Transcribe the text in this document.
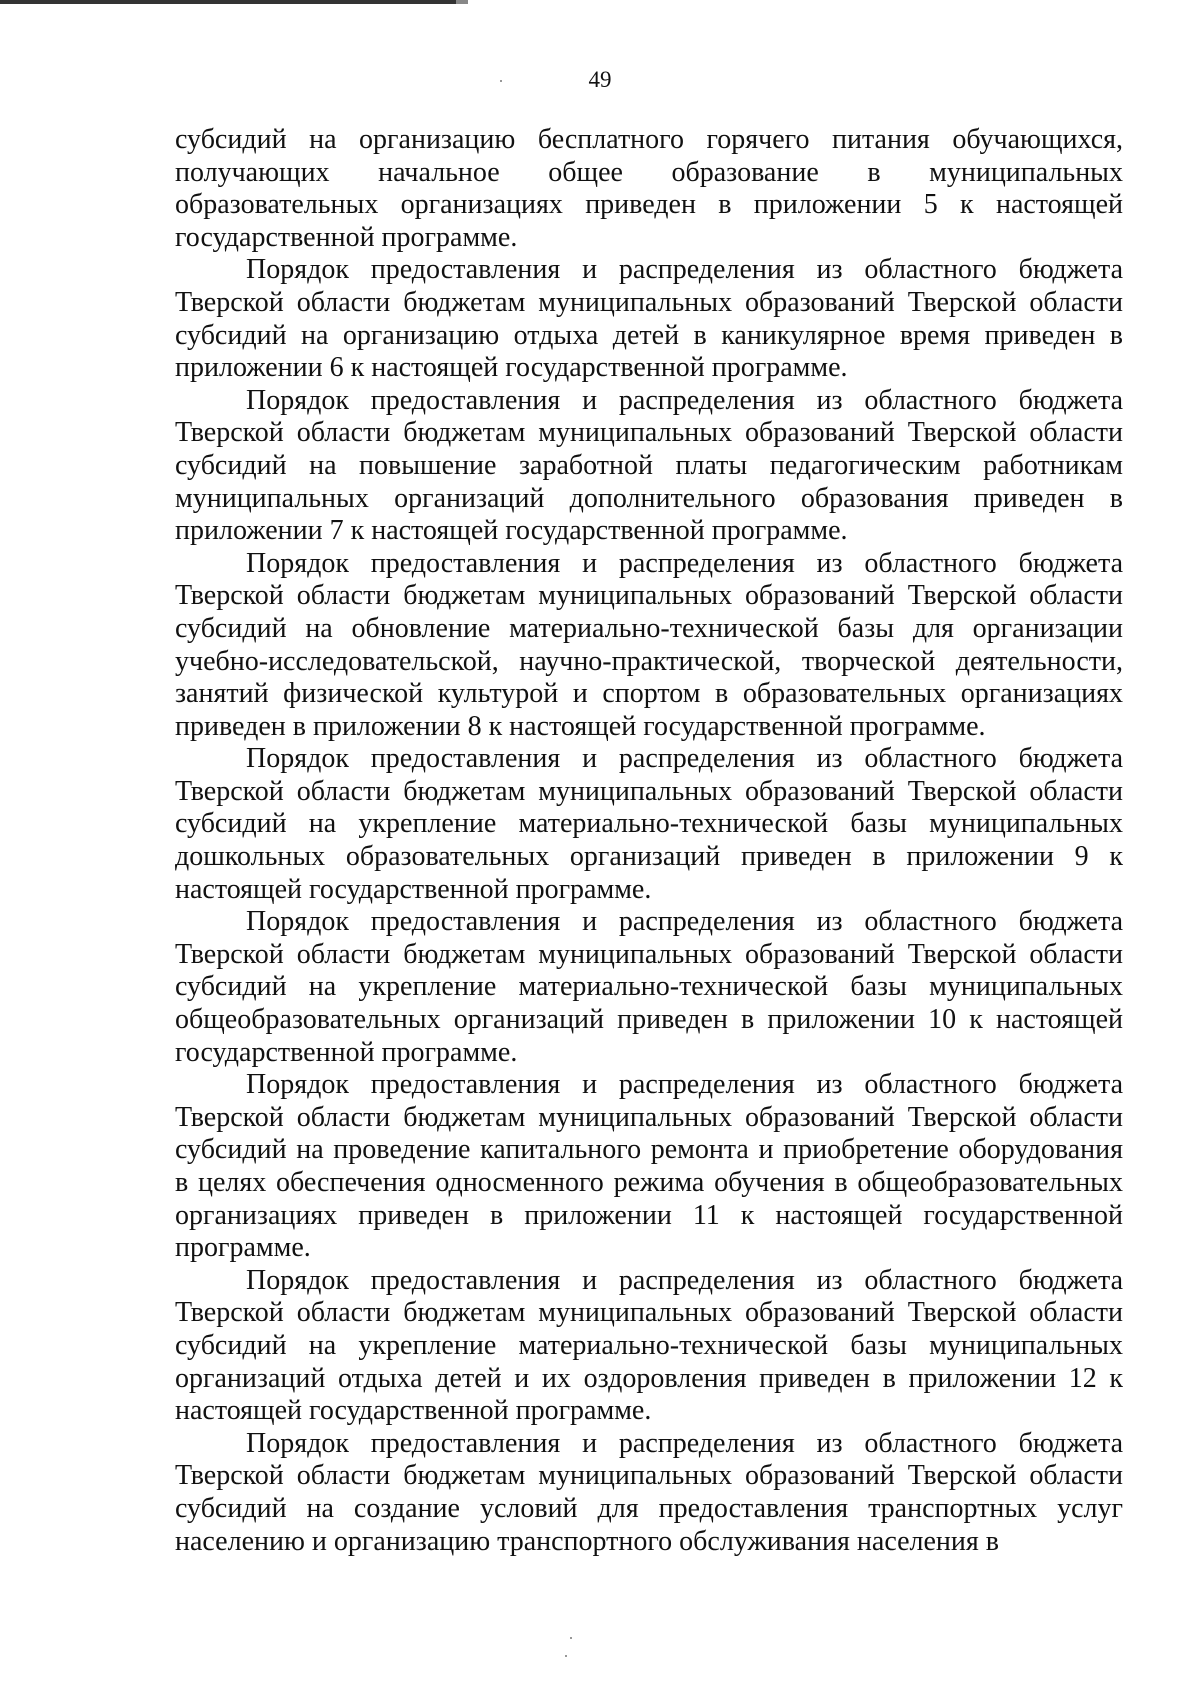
49

субсидий на организацию бесплатного горячего питания обучающихся, получающих начальное общее образование в муниципальных образовательных организациях приведен в приложении 5 к настоящей государственной программе.

Порядок предоставления и распределения из областного бюджета Тверской области бюджетам муниципальных образований Тверской области субсидий на организацию отдыха детей в каникулярное время приведен в приложении 6 к настоящей государственной программе.

Порядок предоставления и распределения из областного бюджета Тверской области бюджетам муниципальных образований Тверской области субсидий на повышение заработной платы педагогическим работникам муниципальных организаций дополнительного образования приведен в приложении 7 к настоящей государственной программе.

Порядок предоставления и распределения из областного бюджета Тверской области бюджетам муниципальных образований Тверской области субсидий на обновление материально-технической базы для организации учебно-исследовательской, научно-практической, творческой деятельности, занятий физической культурой и спортом в образовательных организациях приведен в приложении 8 к настоящей государственной программе.

Порядок предоставления и распределения из областного бюджета Тверской области бюджетам муниципальных образований Тверской области субсидий на укрепление материально-технической базы муниципальных дошкольных образовательных организаций приведен в приложении 9 к настоящей государственной программе.

Порядок предоставления и распределения из областного бюджета Тверской области бюджетам муниципальных образований Тверской области субсидий на укрепление материально-технической базы муниципальных общеобразовательных организаций приведен в приложении 10 к настоящей государственной программе.

Порядок предоставления и распределения из областного бюджета Тверской области бюджетам муниципальных образований Тверской области субсидий на проведение капитального ремонта и приобретение оборудования в целях обеспечения односменного режима обучения в общеобразовательных организациях приведен в приложении 11 к настоящей государственной программе.

Порядок предоставления и распределения из областного бюджета Тверской области бюджетам муниципальных образований Тверской области субсидий на укрепление материально-технической базы муниципальных организаций отдыха детей и их оздоровления приведен в приложении 12 к настоящей государственной программе.

Порядок предоставления и распределения из областного бюджета Тверской области бюджетам муниципальных образований Тверской области субсидий на создание условий для предоставления транспортных услуг населению и организацию транспортного обслуживания населения в
